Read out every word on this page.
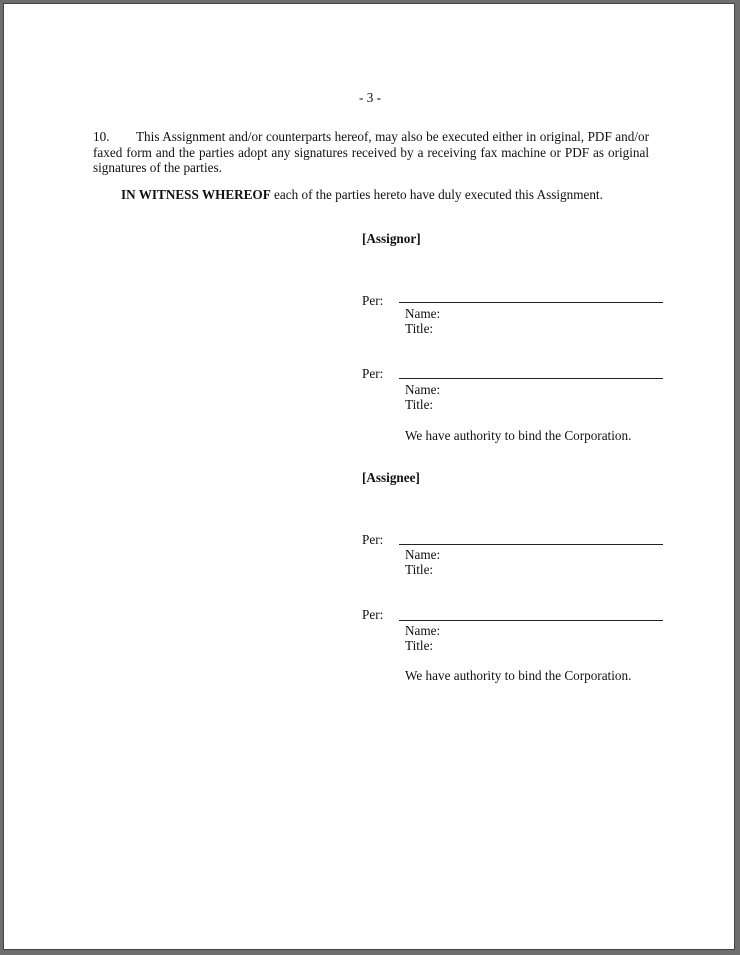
- 3 -
10. This Assignment and/or counterparts hereof, may also be executed either in original, PDF and/or faxed form and the parties adopt any signatures received by a receiving fax machine or PDF as original signatures of the parties.
IN WITNESS WHEREOF each of the parties hereto have duly executed this Assignment.
[Assignor]
Per:
Name:
Title:
Per:
Name:
Title:
We have authority to bind the Corporation.
[Assignee]
Per:
Name:
Title:
Per:
Name:
Title:
We have authority to bind the Corporation.
